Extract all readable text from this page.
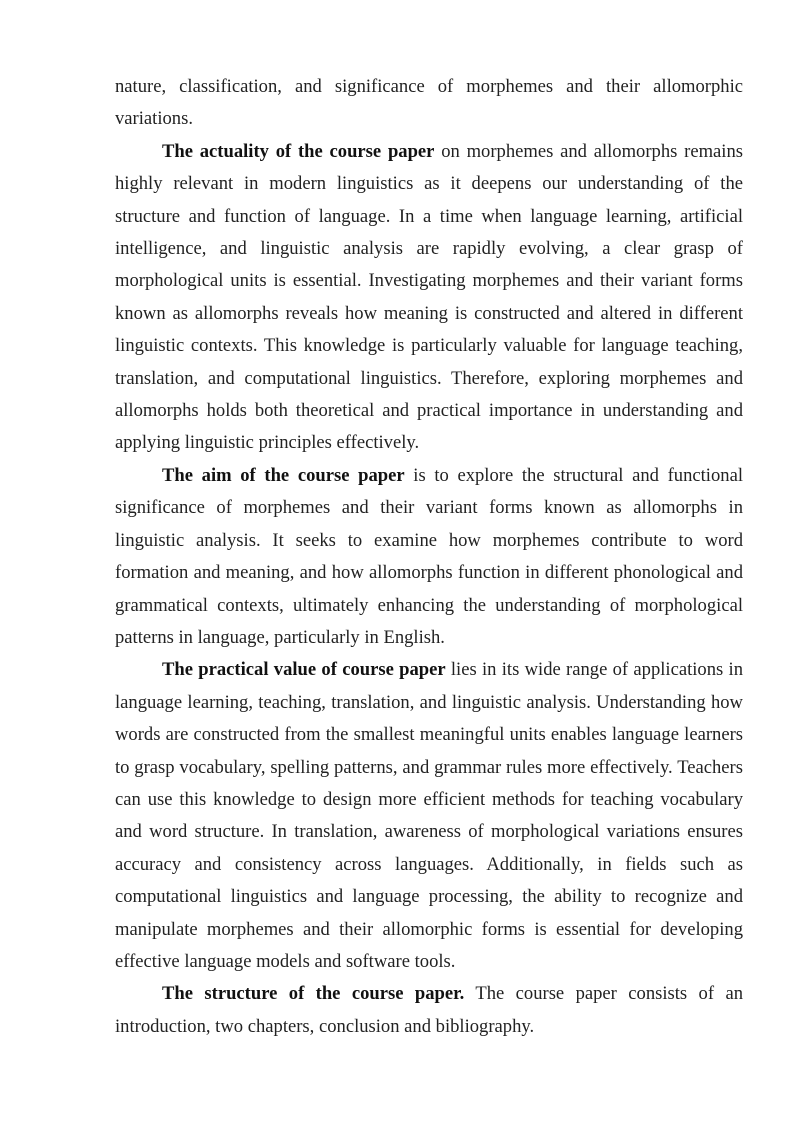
nature, classification, and significance of morphemes and their allomorphic variations.

The actuality of the course paper on morphemes and allomorphs remains highly relevant in modern linguistics as it deepens our understanding of the structure and function of language. In a time when language learning, artificial intelligence, and linguistic analysis are rapidly evolving, a clear grasp of morphological units is essential. Investigating morphemes and their variant forms known as allomorphs reveals how meaning is constructed and altered in different linguistic contexts. This knowledge is particularly valuable for language teaching, translation, and computational linguistics. Therefore, exploring morphemes and allomorphs holds both theoretical and practical importance in understanding and applying linguistic principles effectively.

The aim of the course paper is to explore the structural and functional significance of morphemes and their variant forms known as allomorphs in linguistic analysis. It seeks to examine how morphemes contribute to word formation and meaning, and how allomorphs function in different phonological and grammatical contexts, ultimately enhancing the understanding of morphological patterns in language, particularly in English.

The practical value of course paper lies in its wide range of applications in language learning, teaching, translation, and linguistic analysis. Understanding how words are constructed from the smallest meaningful units enables language learners to grasp vocabulary, spelling patterns, and grammar rules more effectively. Teachers can use this knowledge to design more efficient methods for teaching vocabulary and word structure. In translation, awareness of morphological variations ensures accuracy and consistency across languages. Additionally, in fields such as computational linguistics and language processing, the ability to recognize and manipulate morphemes and their allomorphic forms is essential for developing effective language models and software tools.

The structure of the course paper. The course paper consists of an introduction, two chapters, conclusion and bibliography.
